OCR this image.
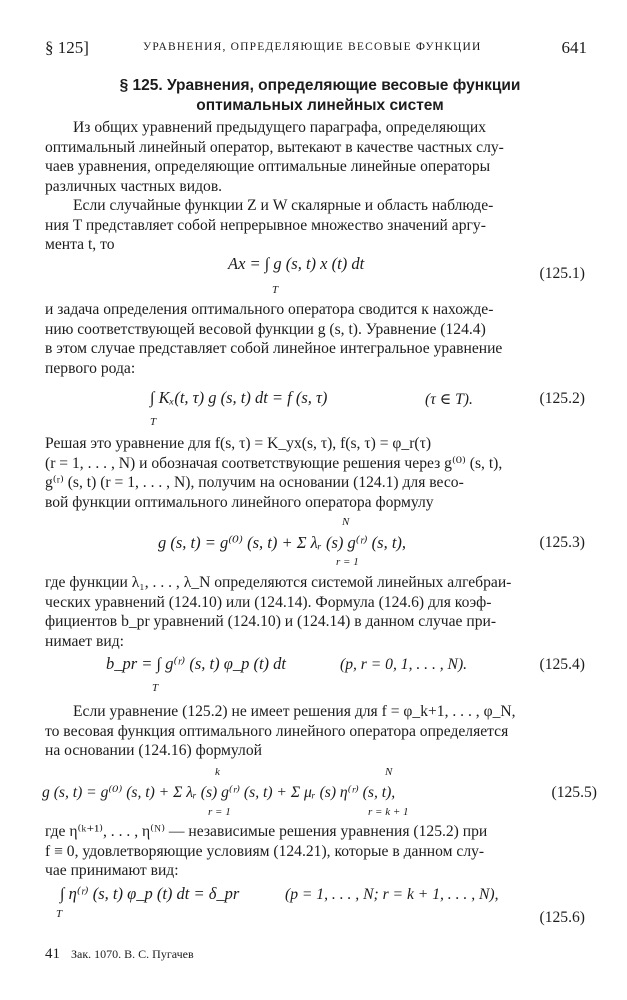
§ 125]	УРАВНЕНИЯ, ОПРЕДЕЛЯЮЩИЕ ВЕСОВЫЕ ФУНКЦИИ	641
§ 125. Уравнения, определяющие весовые функции
оптимальных линейных систем
Из общих уравнений предыдущего параграфа, определяющих
оптимальный линейный оператор, вытекают в качестве частных слу-
чаев уравнения, определяющие оптимальные линейные операторы
различных частных видов.
Если случайные функции Z и W скалярные и область наблюде-
ния T представляет собой непрерывное множество значений аргу-
мента t, то
Ax = ∫ g (s, t) x (t) dt
T
(125.1)
и задача определения оптимального оператора сводится к нахожде-
нию соответствующей весовой функции g (s, t). Уравнение (124.4)
в этом случае представляет собой линейное интегральное уравнение
первого рода:
∫ Kₓ(t, τ) g (s, t) dt = f (s, τ)	(τ ∈ T).
T
(125.2)
Решая это уравнение для f(s, τ) = K_yx(s, τ), f(s, τ) = φ_r(τ)
(r = 1, . . . , N) и обозначая соответствующие решения через g⁽⁰⁾ (s, t),
g⁽ʳ⁾ (s, t) (r = 1, . . . , N), получим на основании (124.1) для весо-
вой функции оптимального линейного оператора формулу
N
g (s, t) = g⁽⁰⁾ (s, t) + Σ λᵣ (s) g⁽ʳ⁾ (s, t),
r = 1
(125.3)
где функции λ₁, . . . , λ_N определяются системой линейных алгебраи-
ческих уравнений (124.10) или (124.14). Формула (124.6) для коэф-
фициентов b_pr уравнений (124.10) и (124.14) в данном случае при-
нимает вид:
b_pr = ∫ g⁽ʳ⁾ (s, t) φ_p (t) dt	(p, r = 0, 1, . . . , N).
T
(125.4)
Если уравнение (125.2) не имеет решения для f = φ_k+1, . . . , φ_N,
то весовая функция оптимального линейного оператора определяется
на основании (124.16) формулой
k	N
g (s, t) = g⁽⁰⁾ (s, t) + Σ λᵣ (s) g⁽ʳ⁾ (s, t) + Σ μᵣ (s) η⁽ʳ⁾ (s, t),
r = 1	r = k + 1
(125.5)
где η⁽ᵏ⁺¹⁾, . . . , η⁽ᴺ⁾ — независимые решения уравнения (125.2) при
f ≡ 0, удовлетворяющие условиям (124.21), которые в данном слу-
чае принимают вид:
∫ η⁽ʳ⁾ (s, t) φ_p (t) dt = δ_pr	(p = 1, . . . , N; r = k + 1, . . . , N),
T	(125.6)
41 Зак. 1070. В. С. Пугачев
